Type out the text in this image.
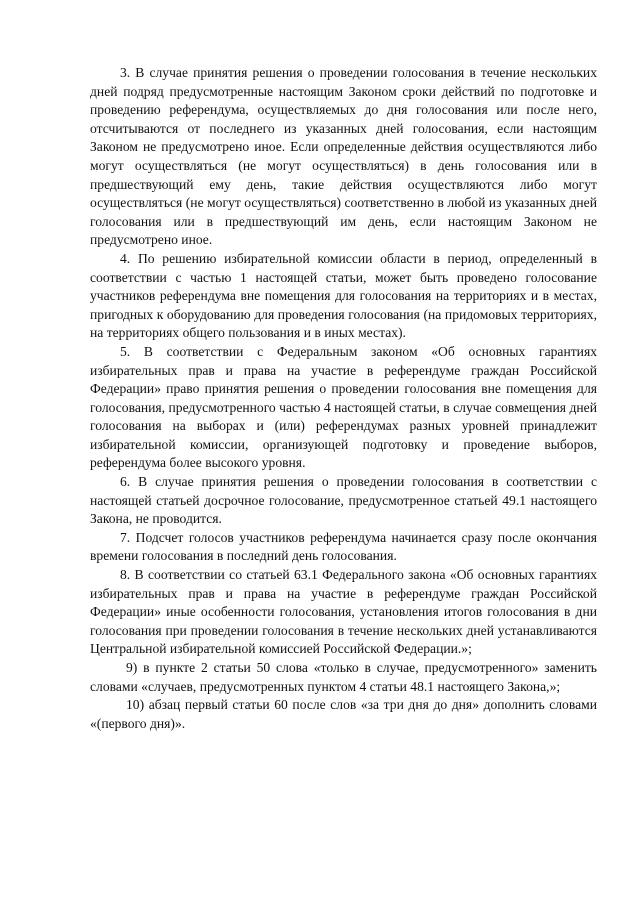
3. В случае принятия решения о проведении голосования в течение нескольких дней подряд предусмотренные настоящим Законом сроки действий по подготовке и проведению референдума, осуществляемых до дня голосования или после него, отсчитываются от последнего из указанных дней голосования, если настоящим Законом не предусмотрено иное. Если определенные действия осуществляются либо могут осуществляться (не могут осуществляться) в день голосования или в предшествующий ему день, такие действия осуществляются либо могут осуществляться (не могут осуществляться) соответственно в любой из указанных дней голосования или в предшествующий им день, если настоящим Законом не предусмотрено иное.

4. По решению избирательной комиссии области в период, определенный в соответствии с частью 1 настоящей статьи, может быть проведено голосование участников референдума вне помещения для голосования на территориях и в местах, пригодных к оборудованию для проведения голосования (на придомовых территориях, на территориях общего пользования и в иных местах).

5. В соответствии с Федеральным законом «Об основных гарантиях избирательных прав и права на участие в референдуме граждан Российской Федерации» право принятия решения о проведении голосования вне помещения для голосования, предусмотренного частью 4 настоящей статьи, в случае совмещения дней голосования на выборах и (или) референдумах разных уровней принадлежит избирательной комиссии, организующей подготовку и проведение выборов, референдума более высокого уровня.

6. В случае принятия решения о проведении голосования в соответствии с настоящей статьей досрочное голосование, предусмотренное статьей 49.1 настоящего Закона, не проводится.

7. Подсчет голосов участников референдума начинается сразу после окончания времени голосования в последний день голосования.

8. В соответствии со статьей 63.1 Федерального закона «Об основных гарантиях избирательных прав и права на участие в референдуме граждан Российской Федерации» иные особенности голосования, установления итогов голосования в дни голосования при проведении голосования в течение нескольких дней устанавливаются Центральной избирательной комиссией Российской Федерации.»;

9) в пункте 2 статьи 50 слова «только в случае, предусмотренного» заменить словами «случаев, предусмотренных пунктом 4 статьи 48.1 настоящего Закона,»;

10) абзац первый статьи 60 после слов «за три дня до дня» дополнить словами «(первого дня)».
